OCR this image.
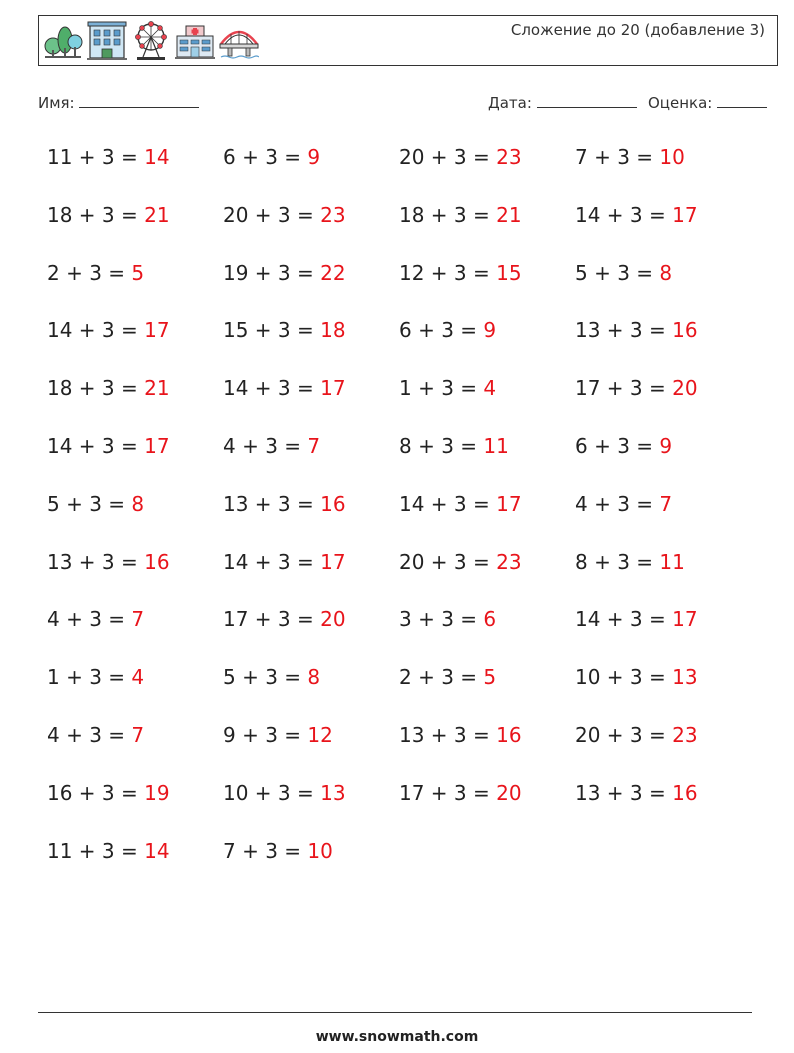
Сложение до 20 (добавление 3)
Имя:	Дата:	Оценка:
11 + 3 = 14	6 + 3 = 9	20 + 3 = 23	7 + 3 = 10
18 + 3 = 21	20 + 3 = 23	18 + 3 = 21	14 + 3 = 17
2 + 3 = 5	19 + 3 = 22	12 + 3 = 15	5 + 3 = 8
14 + 3 = 17	15 + 3 = 18	6 + 3 = 9	13 + 3 = 16
18 + 3 = 21	14 + 3 = 17	1 + 3 = 4	17 + 3 = 20
14 + 3 = 17	4 + 3 = 7	8 + 3 = 11	6 + 3 = 9
5 + 3 = 8	13 + 3 = 16	14 + 3 = 17	4 + 3 = 7
13 + 3 = 16	14 + 3 = 17	20 + 3 = 23	8 + 3 = 11
4 + 3 = 7	17 + 3 = 20	3 + 3 = 6	14 + 3 = 17
1 + 3 = 4	5 + 3 = 8	2 + 3 = 5	10 + 3 = 13
4 + 3 = 7	9 + 3 = 12	13 + 3 = 16	20 + 3 = 23
16 + 3 = 19	10 + 3 = 13	17 + 3 = 20	13 + 3 = 16
11 + 3 = 14	7 + 3 = 10
www.snowmath.com
